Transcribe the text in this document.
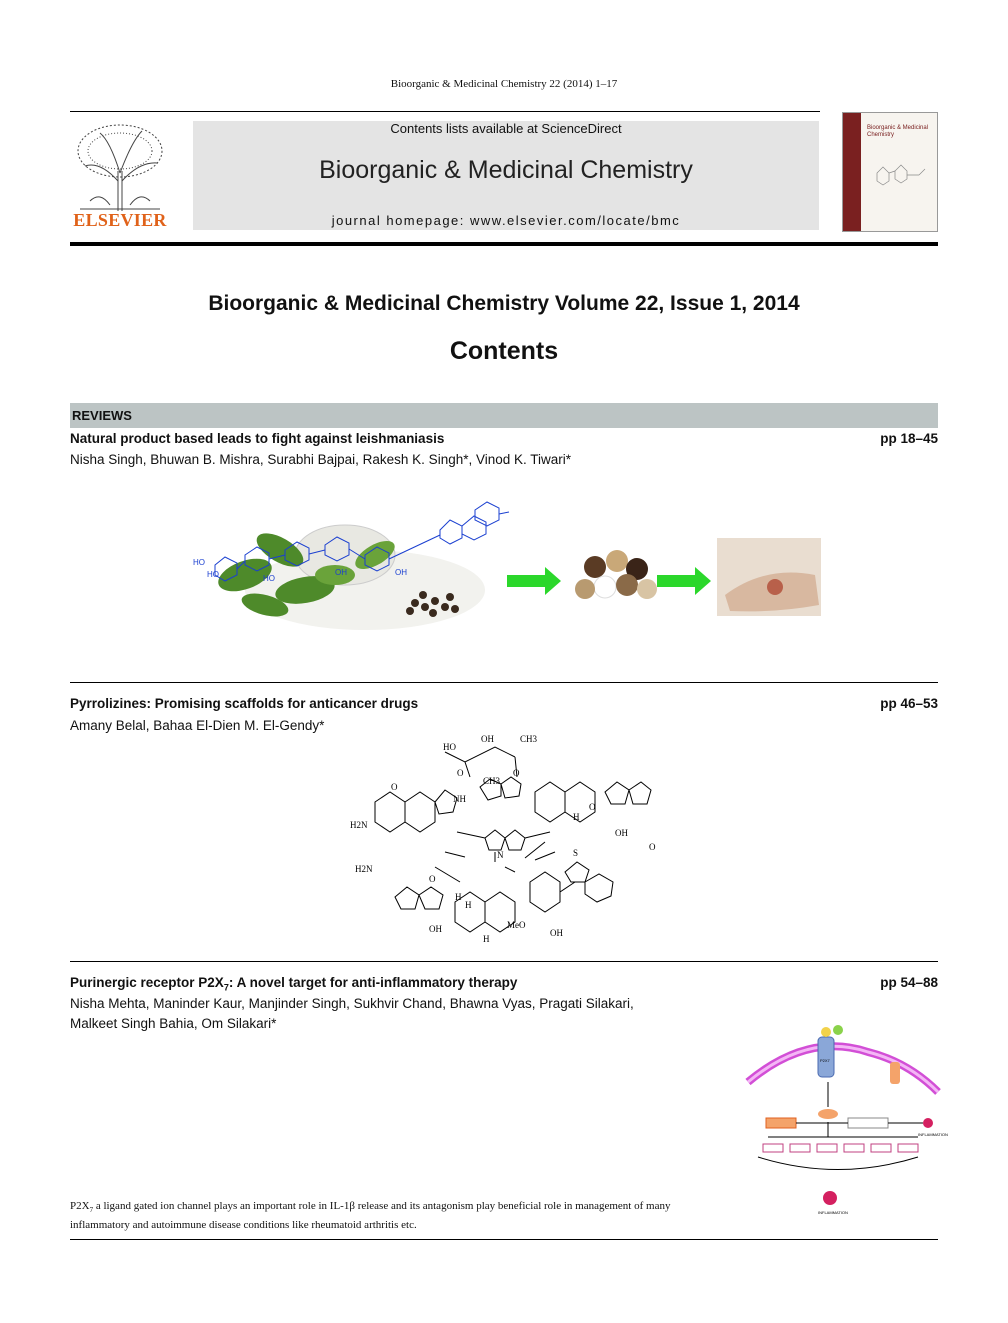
Bioorganic & Medicinal Chemistry 22 (2014) 1–17
ELSEVIER
Contents lists available at ScienceDirect
Bioorganic & Medicinal Chemistry
journal homepage: www.elsevier.com/locate/bmc
Bioorganic & Medicinal
Chemistry
Bioorganic & Medicinal Chemistry Volume 22, Issue 1, 2014
Contents
REVIEWS
Natural product based leads to fight against leishmaniasis	pp 18–45
Nisha Singh, Bhuwan B. Mishra, Surabhi Bajpai, Rakesh K. Singh*, Vinod K. Tiwari*
HO
HO	HO
OH	OH
Pyrrolizines: Promising scaffolds for anticancer drugs	pp 46–53
Amany Belal, Bahaa El-Dien M. El-Gendy*
HO
OH	CH3
CH3
O	O
NH
H2N
O
H
OH
O
O
S
H2N
O
H
OH	MeO
OH
H
H
N
Purinergic receptor $P2X_7$: A novel target for anti-inflammatory therapy	pp 54–88
Nisha Mehta, Maninder Kaur, Manjinder Singh, Sukhvir Chand, Bhawna Vyas, Pragati Silakari,
Malkeet Singh Bahia, Om Silakari*
INFLAMMATION
INFLAMMATION
P2X7
$P2X_7$ a ligand gated ion channel plays an important role in IL-1β release and its antagonism play beneficial role in management of many inflammatory and autoimmune disease conditions like rheumatoid arthritis etc.
